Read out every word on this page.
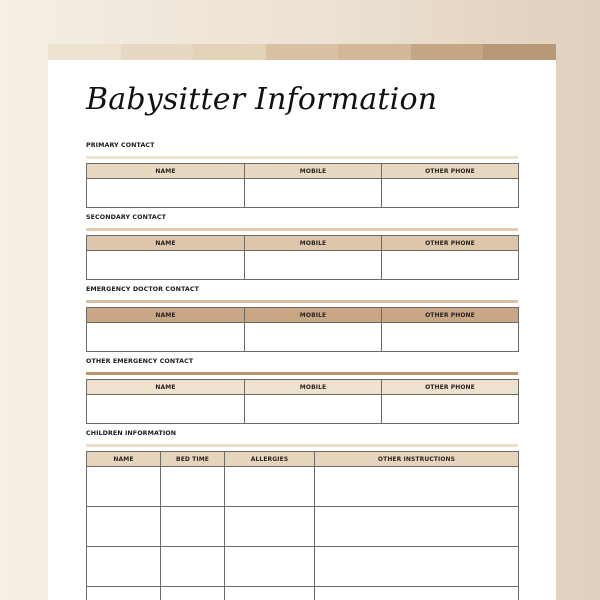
Babysitter Information
PRIMARY CONTACT
NAME	MOBILE	OTHER PHONE

SECONDARY CONTACT
NAME	MOBILE	OTHER PHONE

EMERGENCY DOCTOR CONTACT
NAME	MOBILE	OTHER PHONE

OTHER EMERGENCY CONTACT
NAME	MOBILE	OTHER PHONE

CHILDREN INFORMATION
NAME	BED TIME	ALLERGIES	OTHER INSTRUCTIONS
